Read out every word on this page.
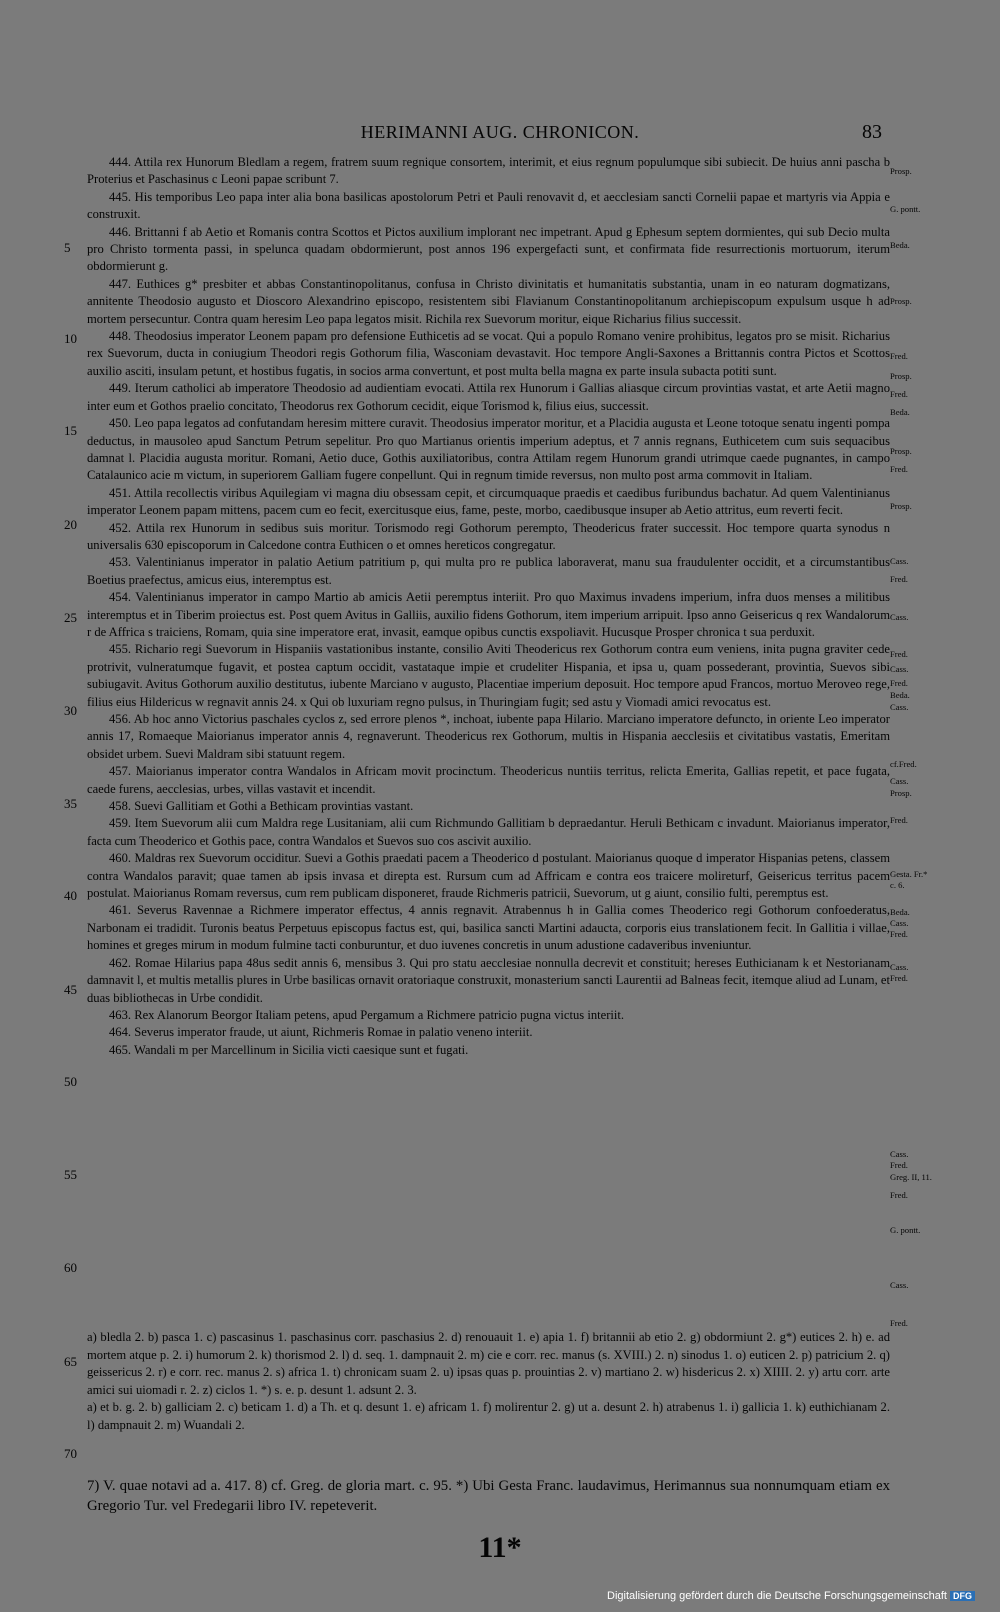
HERIMANNI AUG. CHRONICON.	83

444. Attila rex Hunorum Bledlam a regem, fratrem suum regnique consortem, interimit, et eius regnum populumque sibi subiecit. De huius anni pascha b Proterius et Paschasinus c Leoni papae scribunt 7.

445. His temporibus Leo papa inter alia bona basilicas apostolorum Petri et Pauli renovavit d, et aecclesiam sancti Cornelii papae et martyris via Appia e construxit.

446. Brittanni f ab Aetio et Romanis contra Scottos et Pictos auxilium implorant nec impetrant. Apud g Ephesum septem dormientes, qui sub Decio multa pro Christo tormenta passi, in spelunca quadam obdormierunt, post annos 196 expergefacti sunt, et confirmata fide resurrectionis mortuorum, iterum obdormierunt g.

447. Euthices g* presbiter et abbas Constantinopolitanus, confusa in Christo divinitatis et humanitatis substantia, unam in eo naturam dogmatizans, annitente Theodosio augusto et Dioscoro Alexandrino episcopo, resistentem sibi Flavianum Constantinopolitanum archiepiscopum expulsum usque h ad mortem persecuntur. Contra quam heresim Leo papa legatos misit. Richila rex Suevorum moritur, eique Richarius filius successit.

448. Theodosius imperator Leonem papam pro defensione Euthicetis ad se vocat. Qui a populo Romano venire prohibitus, legatos pro se misit. Richarius rex Suevorum, ducta in coniugium Theodori regis Gothorum filia, Wasconiam devastavit. Hoc tempore Angli-Saxones a Brittannis contra Pictos et Scottos auxilio asciti, insulam petunt, et hostibus fugatis, in socios arma convertunt, et post multa bella magna ex parte insula subacta potiti sunt.

449. Iterum catholici ab imperatore Theodosio ad audientiam evocati. Attila rex Hunorum i Gallias aliasque circum provintias vastat, et arte Aetii magno inter eum et Gothos praelio concitato, Theodorus rex Gothorum cecidit, eique Torismod k, filius eius, successit.

450. Leo papa legatos ad confutandam heresim mittere curavit. Theodosius imperator moritur, et a Placidia augusta et Leone totoque senatu ingenti pompa deductus, in mausoleo apud Sanctum Petrum sepelitur. Pro quo Martianus orientis imperium adeptus, et 7 annis regnans, Euthicetem cum suis sequacibus damnat l. Placidia augusta moritur. Romani, Aetio duce, Gothis auxiliatoribus, contra Attilam regem Hunorum grandi utrimque caede pugnantes, in campo Catalaunico acie m victum, in superiorem Galliam fugere conpellunt. Qui in regnum timide reversus, non multo post arma commovit in Italiam.

451. Attila recollectis viribus Aquilegiam vi magna diu obsessam cepit, et circumquaque praedis et caedibus furibundus bachatur. Ad quem Valentinianus imperator Leonem papam mittens, pacem cum eo fecit, exercitusque eius, fame, peste, morbo, caedibusque insuper ab Aetio attritus, eum reverti fecit.

452. Attila rex Hunorum in sedibus suis moritur. Torismodo regi Gothorum perempto, Theodericus frater successit. Hoc tempore quarta synodus n universalis 630 episcoporum in Calcedone contra Euthicen o et omnes hereticos congregatur.

453. Valentinianus imperator in palatio Aetium patritium p, qui multa pro re publica laboraverat, manu sua fraudulenter occidit, et a circumstantibus Boetius praefectus, amicus eius, interemptus est.

454. Valentinianus imperator in campo Martio ab amicis Aetii peremptus interiit. Pro quo Maximus invadens imperium, infra duos menses a militibus interemptus et in Tiberim proiectus est. Post quem Avitus in Galliis, auxilio fidens Gothorum, item imperium arripuit. Ipso anno Geisericus q rex Wandalorum r de Affrica s traiciens, Romam, quia sine imperatore erat, invasit, eamque opibus cunctis exspoliavit. Hucusque Prosper chronica t sua perduxit.

455. Richario regi Suevorum in Hispaniis vastationibus instante, consilio Aviti Theodericus rex Gothorum contra eum veniens, inita pugna graviter cede protrivit, vulneratumque fugavit, et postea captum occidit, vastataque impie et crudeliter Hispania, et ipsa u, quam possederant, provintia, Suevos sibi subiugavit. Avitus Gothorum auxilio destitutus, iubente Marciano v augusto, Placentiae imperium deposuit. Hoc tempore apud Francos, mortuo Meroveo rege, filius eius Hildericus w regnavit annis 24. x Qui ob luxuriam regno pulsus, in Thuringiam fugit; sed astu y Viomadi amici revocatus est.

456. Ab hoc anno Victorius paschales cyclos z, sed errore plenos *, inchoat, iubente papa Hilario. Marciano imperatore defuncto, in oriente Leo imperator annis 17, Romaeque Maiorianus imperator annis 4, regnaverunt. Theodericus rex Gothorum, multis in Hispania aecclesiis et civitatibus vastatis, Emeritam obsidet urbem. Suevi Maldram sibi statuunt regem.

457. Maiorianus imperator contra Wandalos in Africam movit procinctum. Theodericus nuntiis territus, relicta Emerita, Gallias repetit, et pace fugata, caede furens, aecclesias, urbes, villas vastavit et incendit.

458. Suevi Gallitiam et Gothi a Bethicam provintias vastant.

459. Item Suevorum alii cum Maldra rege Lusitaniam, alii cum Richmundo Gallitiam b depraedantur. Heruli Bethicam c invadunt. Maiorianus imperator, facta cum Theoderico et Gothis pace, contra Wandalos et Suevos suo cos ascivit auxilio.

460. Maldras rex Suevorum occiditur. Suevi a Gothis praedati pacem a Theoderico d postulant. Maiorianus quoque d imperator Hispanias petens, classem contra Wandalos paravit; quae tamen ab ipsis invasa et direpta est. Rursum cum ad Affricam e contra eos traicere molireturf, Geisericus territus pacem postulat. Maiorianus Romam reversus, cum rem publicam disponeret, fraude Richmeris patricii, Suevorum, ut g aiunt, consilio fulti, peremptus est.

461. Severus Ravennae a Richmere imperator effectus, 4 annis regnavit. Atrabennus h in Gallia comes Theoderico regi Gothorum confoederatus, Narbonam ei tradidit. Turonis beatus Perpetuus episcopus factus est, qui, basilica sancti Martini adaucta, corporis eius translationem fecit. In Gallitia i villae, homines et greges mirum in modum fulmine tacti conburuntur, et duo iuvenes concretis in unum adustione cadaveribus inveniuntur.

462. Romae Hilarius papa 48us sedit annis 6, mensibus 3. Qui pro statu aecclesiae nonnulla decrevit et constituit; hereses Euthicianam k et Nestorianam damnavit l, et multis metallis plures in Urbe basilicas ornavit oratoriaque construxit, monasterium sancti Laurentii ad Balneas fecit, itemque aliud ad Lunam, et duas bibliothecas in Urbe condidit.

463. Rex Alanorum Beorgor Italiam petens, apud Pergamum a Richmere patricio pugna victus interiit.

464. Severus imperator fraude, ut aiunt, Richmeris Romae in palatio veneno interiit.

465. Wandali m per Marcellinum in Sicilia victi caesique sunt et fugati.

5
10
15
20
25
30
35
40
45
50
55
60
65
70
Prosp.
G. pontt.
Beda.
Prosp.
Fred.
Prosp.
Fred.
Beda.
Prosp.
Fred.
Prosp.
Cass.
Fred.
Cass.
Fred.
Cass.
Fred.
Beda.
Cass.
cf.Fred.
Cass.
Prosp.
Fred.
Gesta. Fr.*
c. 6.
Beda.
Cass.
Fred.
Cass.
Fred.
Cass.
Fred.
Greg. II, 11.
Fred.
G. pontt.
Cass.
Fred.

a) bledla 2. b) pasca 1. c) pascasinus 1. paschasinus corr. paschasius 2. d) renouauit 1. e) apia 1. f) britannii ab etio 2. g) obdormiunt 2. g*) eutices 2. h) e. ad mortem atque p. 2. i) humorum 2. k) thorismod 2. l) d. seq. 1. dampnauit 2. m) cie e corr. rec. manus (s. XVIII.) 2. n) sinodus 1. o) euticen 2. p) patricium 2. q) geissericus 2. r) e corr. rec. manus 2. s) africa 1. t) chronicam suam 2. u) ipsas quas p. prouintias 2. v) martiano 2. w) hisdericus 2. x) XIIII. 2. y) artu corr. arte amici sui uiomadi r. 2. z) ciclos 1. *) s. e. p. desunt 1. adsunt 2. 3.

a) et b. g. 2. b) galliciam 2. c) beticam 1. d) a Th. et q. desunt 1. e) africam 1. f) molirentur 2. g) ut a. desunt 2. h) atrabenus 1. i) gallicia 1. k) euthichianam 2. l) dampnauit 2. m) Wuandali 2.

7) V. quae notavi ad a. 417. 8) cf. Greg. de gloria mart. c. 95. *) Ubi Gesta Franc. laudavimus, Herimannus sua nonnumquam etiam ex Gregorio Tur. vel Fredegarii libro IV. repeteverit.

11*
Digitalisierung gefördert durch die Deutsche Forschungsgemeinschaft DFG
